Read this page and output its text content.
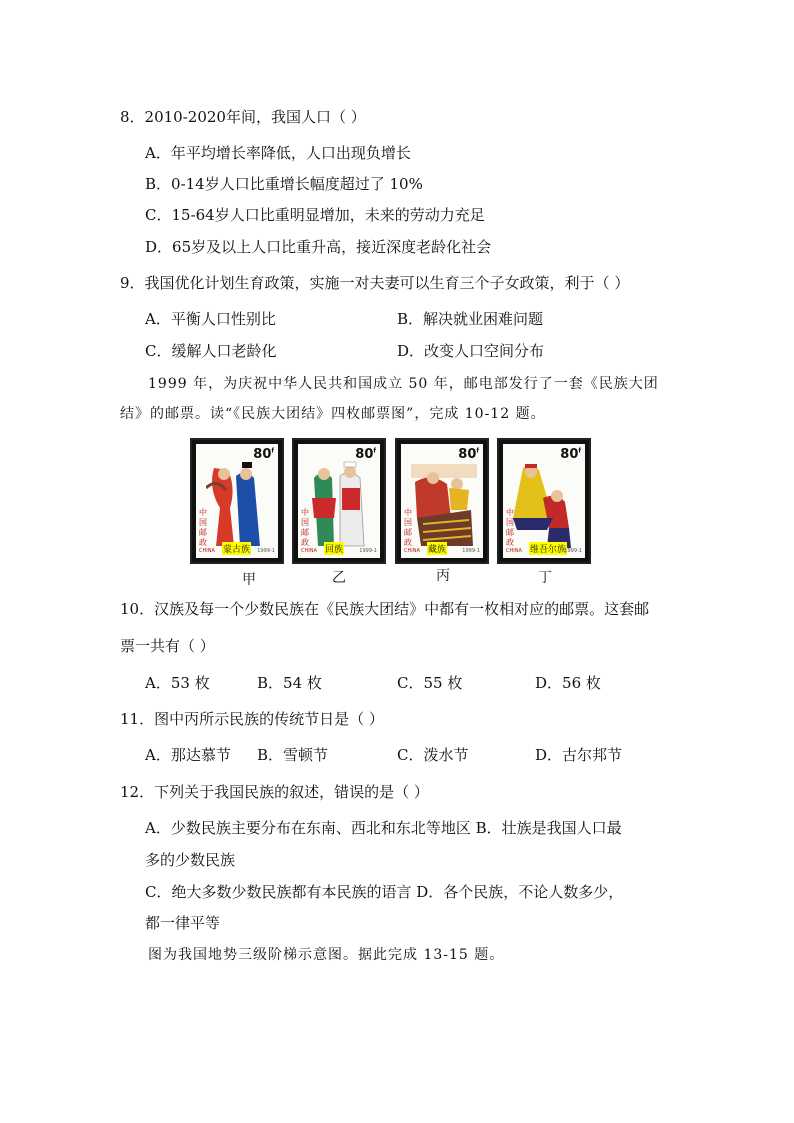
8．2010-2020年间，我国人口（ ）
A．年平均增长率降低，人口出现负增长
B．0-14岁人口比重增长幅度超过了 10%
C．15-64岁人口比重明显增加，未来的劳动力充足
D．65岁及以上人口比重升高，接近深度老龄化社会
9．我国优化计划生育政策，实施一对夫妻可以生育三个子女政策，利于（ ）
A．平衡人口性别比	B．解决就业困难问题
C．缓解人口老龄化	D．改变人口空间分布
1999 年，为庆祝中华人民共和国成立 50 年，邮电部发行了一套《民族大团
结》的邮票。读“《民族大团结》四枚邮票图”，完成 10-12 题。
80$^f$
中国邮政
CHINA 蒙古族 1999-1
80$^f$
中国邮政
CHINA 回族	1999-1
80$^f$
中国邮政
CHINA 藏族	1999-1
80$^f$
中国邮政
CHINA 维吾尔族
1999-1
甲	乙	丙	丁
10．汉族及每一个少数民族在《民族大团结》中都有一枚相对应的邮票。这套邮
票一共有（ ）
A．53 枚	B．54 枚	C．55 枚	D．56 枚
11．图中丙所示民族的传统节日是（ ）
A．那达慕节 B．雪顿节	C．泼水节	D．古尔邦节
12．下列关于我国民族的叙述，错误的是（ ）
A．少数民族主要分布在东南、西北和东北等地区 B．壮族是我国人口最
多的少数民族
C．绝大多数少数民族都有本民族的语言 D．各个民族，不论人数多少，
都一律平等
图为我国地势三级阶梯示意图。据此完成 13-15 题。
